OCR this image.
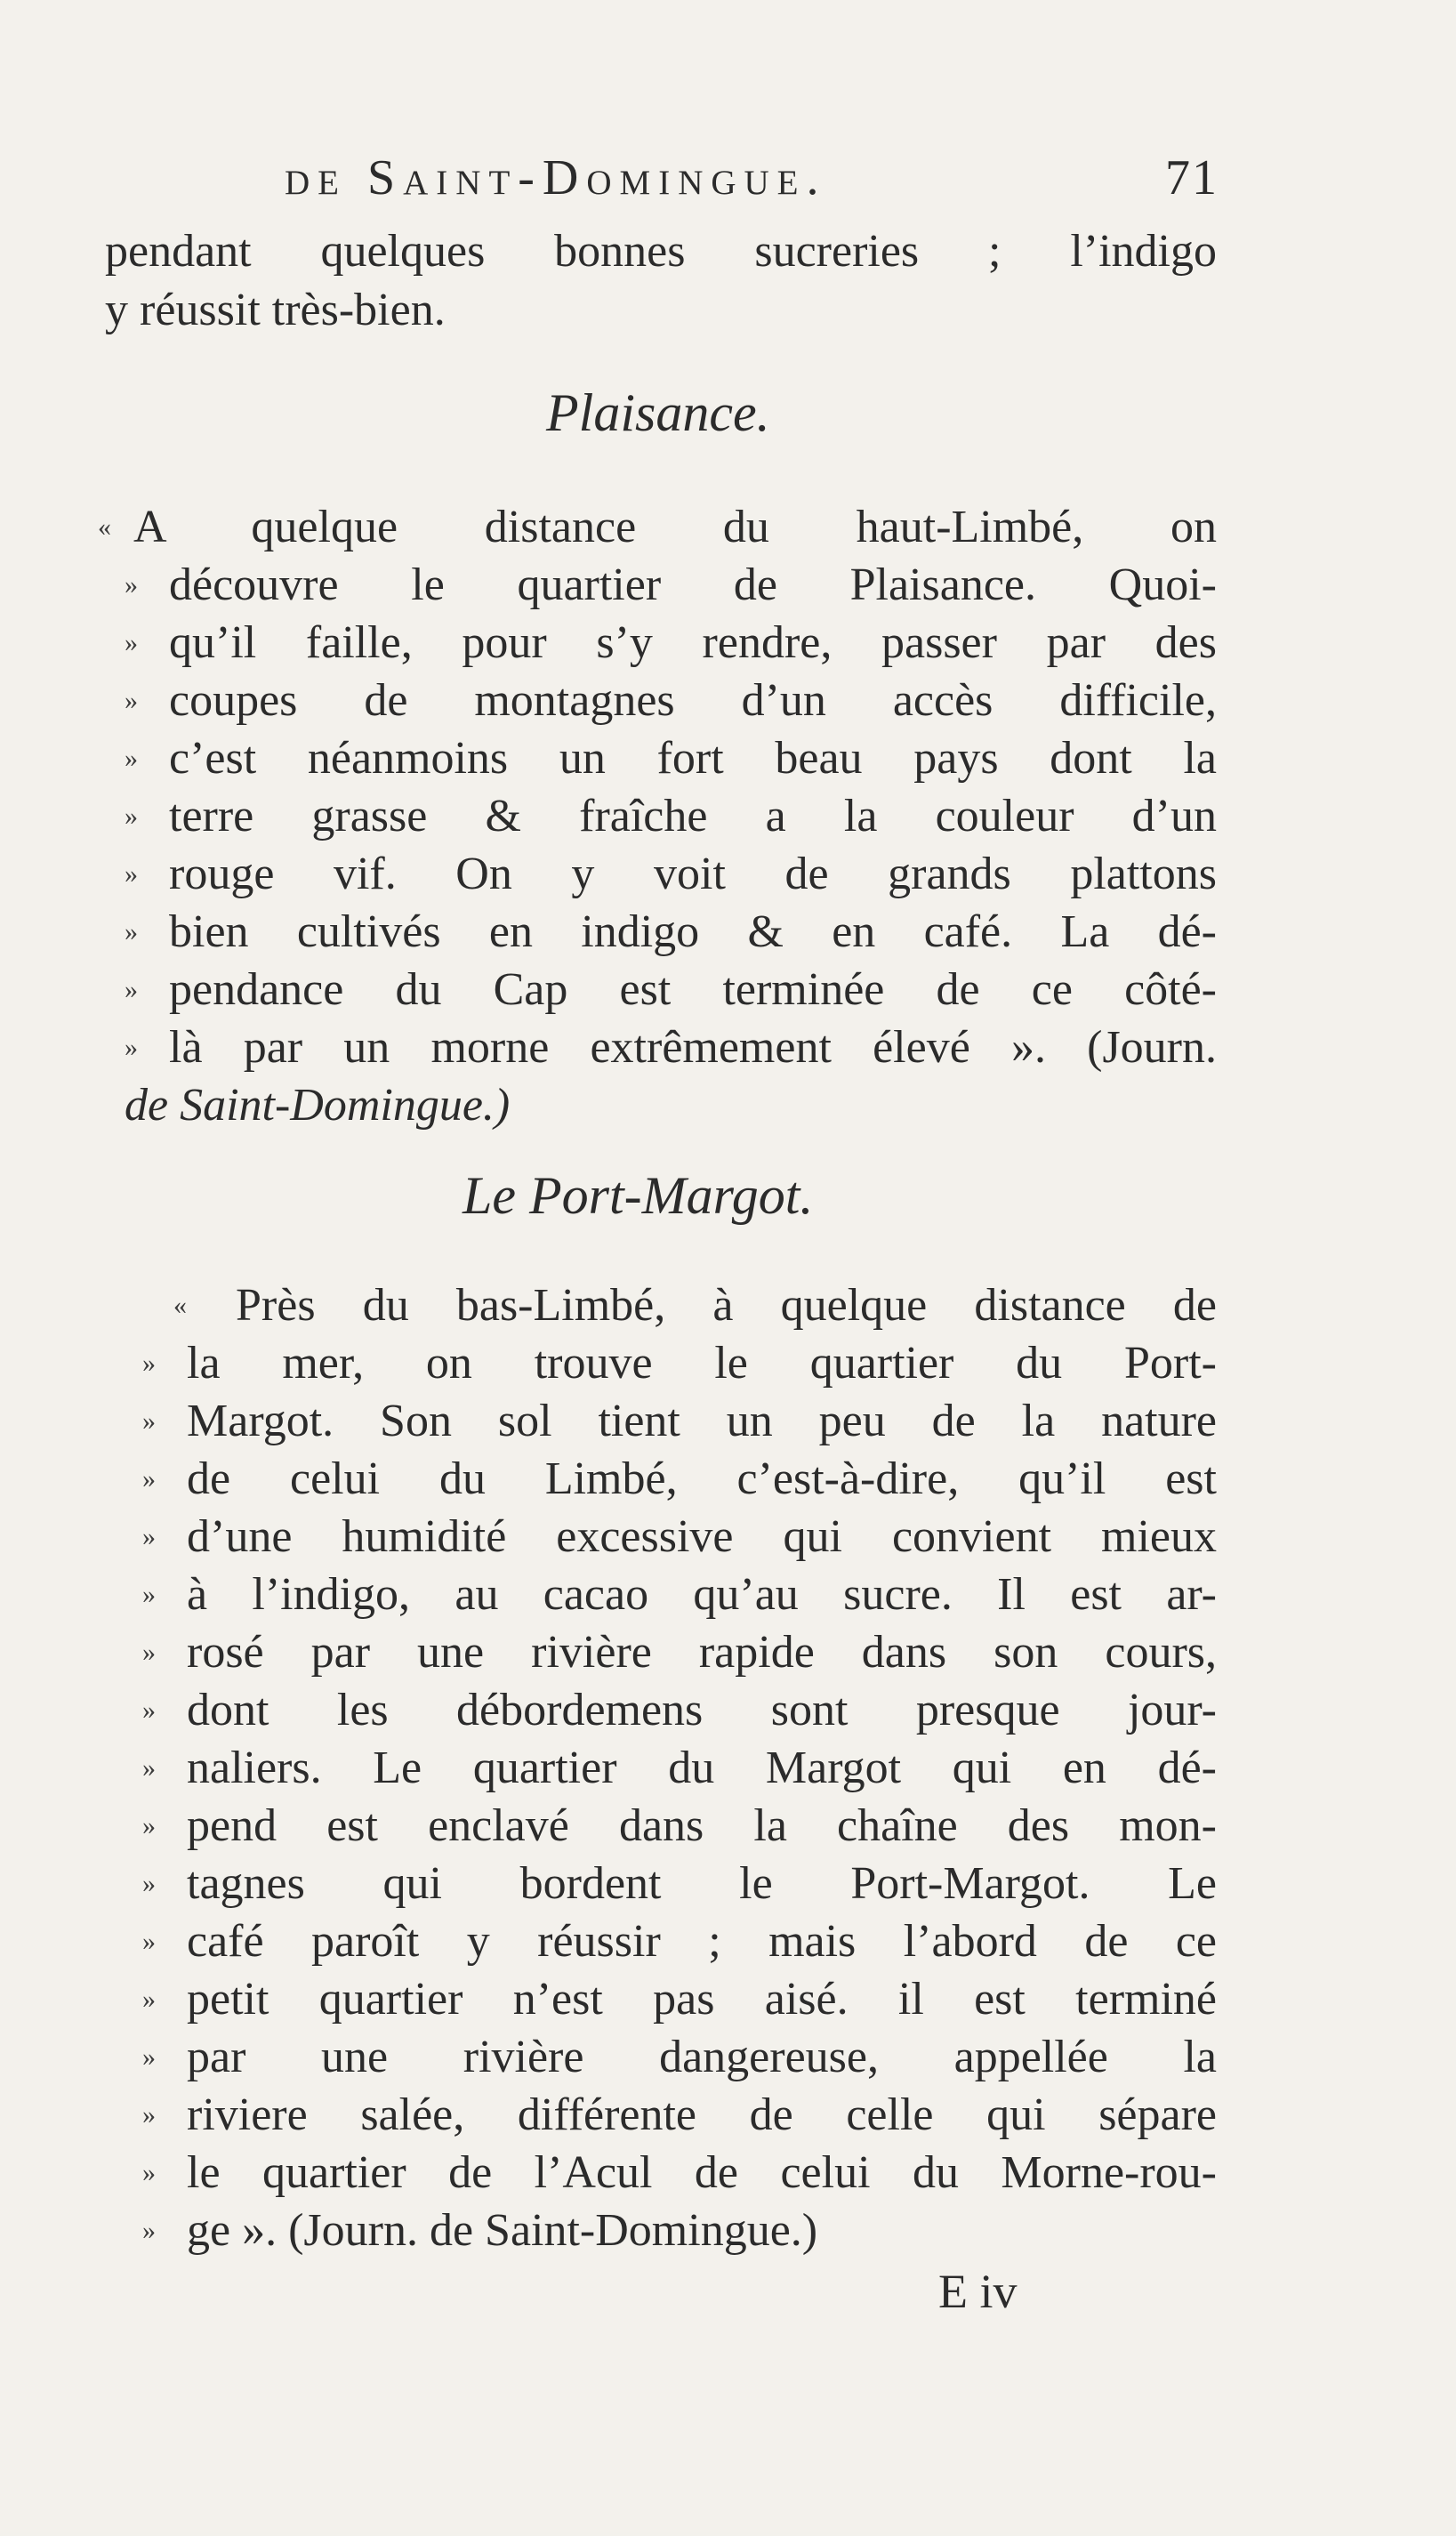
de Saint-Domingue.	71
pendant quelques bonnes sucreries ; l’indigo
y réussit très-bien.
Plaisance.
« A quelque distance du haut-Limbé, on
» découvre le quartier de Plaisance. Quoi-
» qu’il faille, pour s’y rendre, passer par des
» coupes de montagnes d’un accès difficile,
» c’est néanmoins un fort beau pays dont la
» terre grasse & fraîche a la couleur d’un
» rouge vif. On y voit de grands plattons
» bien cultivés en indigo & en café. La dé-
» pendance du Cap est terminée de ce côté-
» là par un morne extrêmement élevé ». (Journ.
de Saint-Domingue.)
Le Port-Margot.
«	Près du bas-Limbé, à quelque distance de
» la mer, on trouve le quartier du Port-
» Margot. Son sol tient un peu de la nature
» de celui du Limbé, c’est-à-dire, qu’il est
» d’une humidité excessive qui convient mieux
» à l’indigo, au cacao qu’au sucre. Il est ar-
» rosé par une rivière rapide dans son cours,
» dont les débordemens sont presque jour-
» naliers. Le quartier du Margot qui en dé-
» pend est enclavé dans la chaîne des mon-
» tagnes qui bordent le Port-Margot. Le
» café paroît y réussir ; mais l’abord de ce
» petit quartier n’est pas aisé. il est terminé
» par une rivière dangereuse, appellée la
» riviere salée, différente de celle qui sépare
» le quartier de l’Acul de celui du Morne-rou-
» ge ». (Journ. de Saint-Domingue.)
E iv
